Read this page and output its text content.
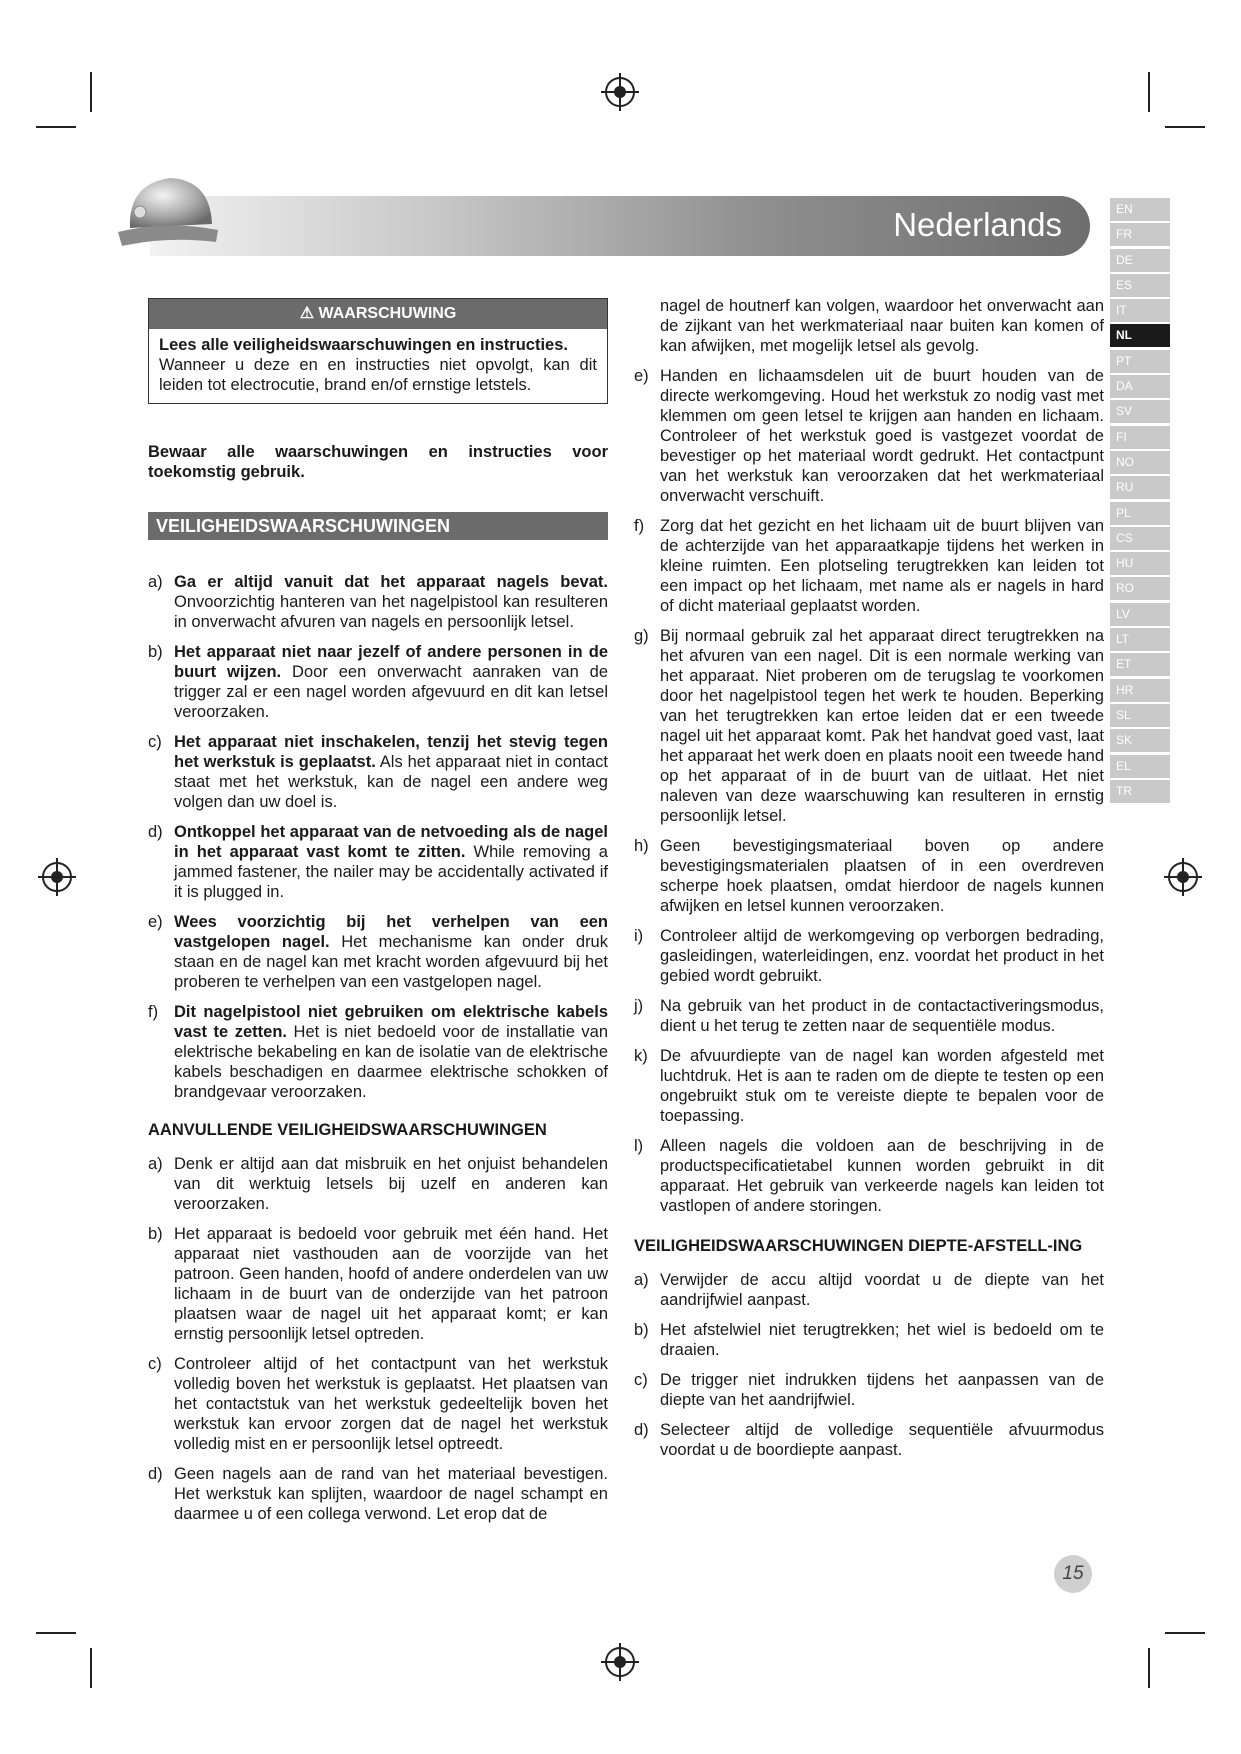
Nederlands	EN
FR
DE
ES
IT
NL
PT
DA
SV
FI
NO
RU
PL
CS
HU
RO
LV
LT
ET
HR
SL
SK
EL
TR
⚠ WAARSCHUWING
Lees alle veiligheidswaarschuwingen en instructies.
Wanneer u deze en en instructies niet opvolgt, kan dit leiden tot electrocutie, brand en/of ernstige letstels.
Bewaar alle waarschuwingen en instructies voor toekomstig gebruik.
VEILIGHEIDSWAARSCHUWINGEN
a) Ga er altijd vanuit dat het apparaat nagels bevat. Onvoorzichtig hanteren van het nagelpistool kan resulteren in onverwacht afvuren van nagels en persoonlijk letsel.
b) Het apparaat niet naar jezelf of andere personen in de buurt wijzen. Door een onverwacht aanraken van de trigger zal er een nagel worden afgevuurd en dit kan letsel veroorzaken.
c) Het apparaat niet inschakelen, tenzij het stevig tegen het werkstuk is geplaatst. Als het apparaat niet in contact staat met het werkstuk, kan de nagel een andere weg volgen dan uw doel is.
d) Ontkoppel het apparaat van de netvoeding als de nagel in het apparaat vast komt te zitten. While removing a jammed fastener, the nailer may be accidentally activated if it is plugged in.
e) Wees voorzichtig bij het verhelpen van een vastgelopen nagel. Het mechanisme kan onder druk staan en de nagel kan met kracht worden afgevuurd bij het proberen te verhelpen van een vastgelopen nagel.
f) Dit nagelpistool niet gebruiken om elektrische kabels vast te zetten. Het is niet bedoeld voor de installatie van elektrische bekabeling en kan de isolatie van de elektrische kabels beschadigen en daarmee elektrische schokken of brandgevaar veroorzaken.
AANVULLENDE VEILIGHEIDSWAARSCHUWINGEN
a) Denk er altijd aan dat misbruik en het onjuist behandelen van dit werktuig letsels bij uzelf en anderen kan veroorzaken.
b) Het apparaat is bedoeld voor gebruik met één hand. Het apparaat niet vasthouden aan de voorzijde van het patroon. Geen handen, hoofd of andere onderdelen van uw lichaam in de buurt van de onderzijde van het patroon plaatsen waar de nagel uit het apparaat komt; er kan ernstig persoonlijk letsel optreden.
c) Controleer altijd of het contactpunt van het werkstuk volledig boven het werkstuk is geplaatst. Het plaatsen van het contactstuk van het werkstuk gedeeltelijk boven het werkstuk kan ervoor zorgen dat de nagel het werkstuk volledig mist en er persoonlijk letsel optreedt.
d) Geen nagels aan de rand van het materiaal bevestigen. Het werkstuk kan splijten, waardoor de nagel schampt en daarmee u of een collega verwond. Let erop dat de
nagel de houtnerf kan volgen, waardoor het onverwacht aan de zijkant van het werkmateriaal naar buiten kan komen of kan afwijken, met mogelijk letsel als gevolg.
e) Handen en lichaamsdelen uit de buurt houden van de directe werkomgeving. Houd het werkstuk zo nodig vast met klemmen om geen letsel te krijgen aan handen en lichaam. Controleer of het werkstuk goed is vastgezet voordat de bevestiger op het materiaal wordt gedrukt. Het contactpunt van het werkstuk kan veroorzaken dat het werkmateriaal onverwacht verschuift.
f) Zorg dat het gezicht en het lichaam uit de buurt blijven van de achterzijde van het apparaatkapje tijdens het werken in kleine ruimten. Een plotseling terugtrekken kan leiden tot een impact op het lichaam, met name als er nagels in hard of dicht materiaal geplaatst worden.
g) Bij normaal gebruik zal het apparaat direct terugtrekken na het afvuren van een nagel. Dit is een normale werking van het apparaat. Niet proberen om de terugslag te voorkomen door het nagelpistool tegen het werk te houden. Beperking van het terugtrekken kan ertoe leiden dat er een tweede nagel uit het apparaat komt. Pak het handvat goed vast, laat het apparaat het werk doen en plaats nooit een tweede hand op het apparaat of in de buurt van de uitlaat. Het niet naleven van deze waarschuwing kan resulteren in ernstig persoonlijk letsel.
h) Geen bevestigingsmateriaal boven op andere bevestigingsmaterialen plaatsen of in een overdreven scherpe hoek plaatsen, omdat hierdoor de nagels kunnen afwijken en letsel kunnen veroorzaken.
i)	Controleer altijd de werkomgeving op verborgen bedrading, gasleidingen, waterleidingen, enz. voordat het product in het gebied wordt gebruikt.
j)	Na gebruik van het product in de contactactiveringsmodus, dient u het terug te zetten naar de sequentiële modus.
k) De afvuurdiepte van de nagel kan worden afgesteld met luchtdruk. Het is aan te raden om de diepte te testen op een ongebruikt stuk om te vereiste diepte te bepalen voor de toepassing.
l)	Alleen nagels die voldoen aan de beschrijving in de productspecificatietabel kunnen worden gebruikt in dit apparaat. Het gebruik van verkeerde nagels kan leiden tot vastlopen of andere storingen.
VEILIGHEIDSWAARSCHUWINGEN DIEPTE-AFSTELL-ING
a) Verwijder de accu altijd voordat u de diepte van het aandrijfwiel aanpast.
b) Het afstelwiel niet terugtrekken; het wiel is bedoeld om te draaien.
c) De trigger niet indrukken tijdens het aanpassen van de diepte van het aandrijfwiel.
d) Selecteer altijd de volledige sequentiële afvuurmodus voordat u de boordiepte aanpast.
15
